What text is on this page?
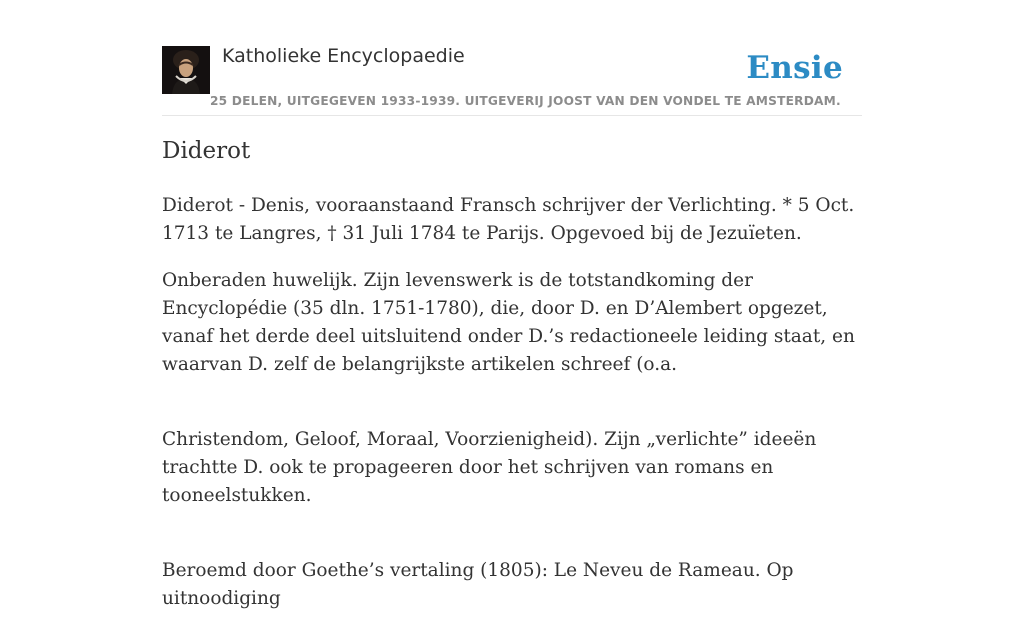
Katholieke Encyclopaedie	Ensie
25 DELEN, UITGEGEVEN 1933-1939. UITGEVERIJ JOOST VAN DEN VONDEL TE AMSTERDAM.
Diderot

Diderot - Denis, vooraanstaand Fransch schrijver der Verlichting. * 5 Oct. 1713 te Langres, † 31 Juli 1784 te Parijs. Opgevoed bij de Jezuïeten.

Onberaden huwelijk. Zijn levenswerk is de totstandkoming der Encyclopédie (35 dln. 1751-1780), die, door D. en D’Alembert opgezet, vanaf het derde deel uitsluitend onder D.’s redactioneele leiding staat, en waarvan D. zelf de belangrijkste artikelen schreef (o.a.

Christendom, Geloof, Moraal, Voorzienigheid). Zijn „verlichte” ideeën trachtte D. ook te propageeren door het schrijven van romans en tooneelstukken.

Beroemd door Goethe’s vertaling (1805): Le Neveu de Rameau. Op uitnoodiging
